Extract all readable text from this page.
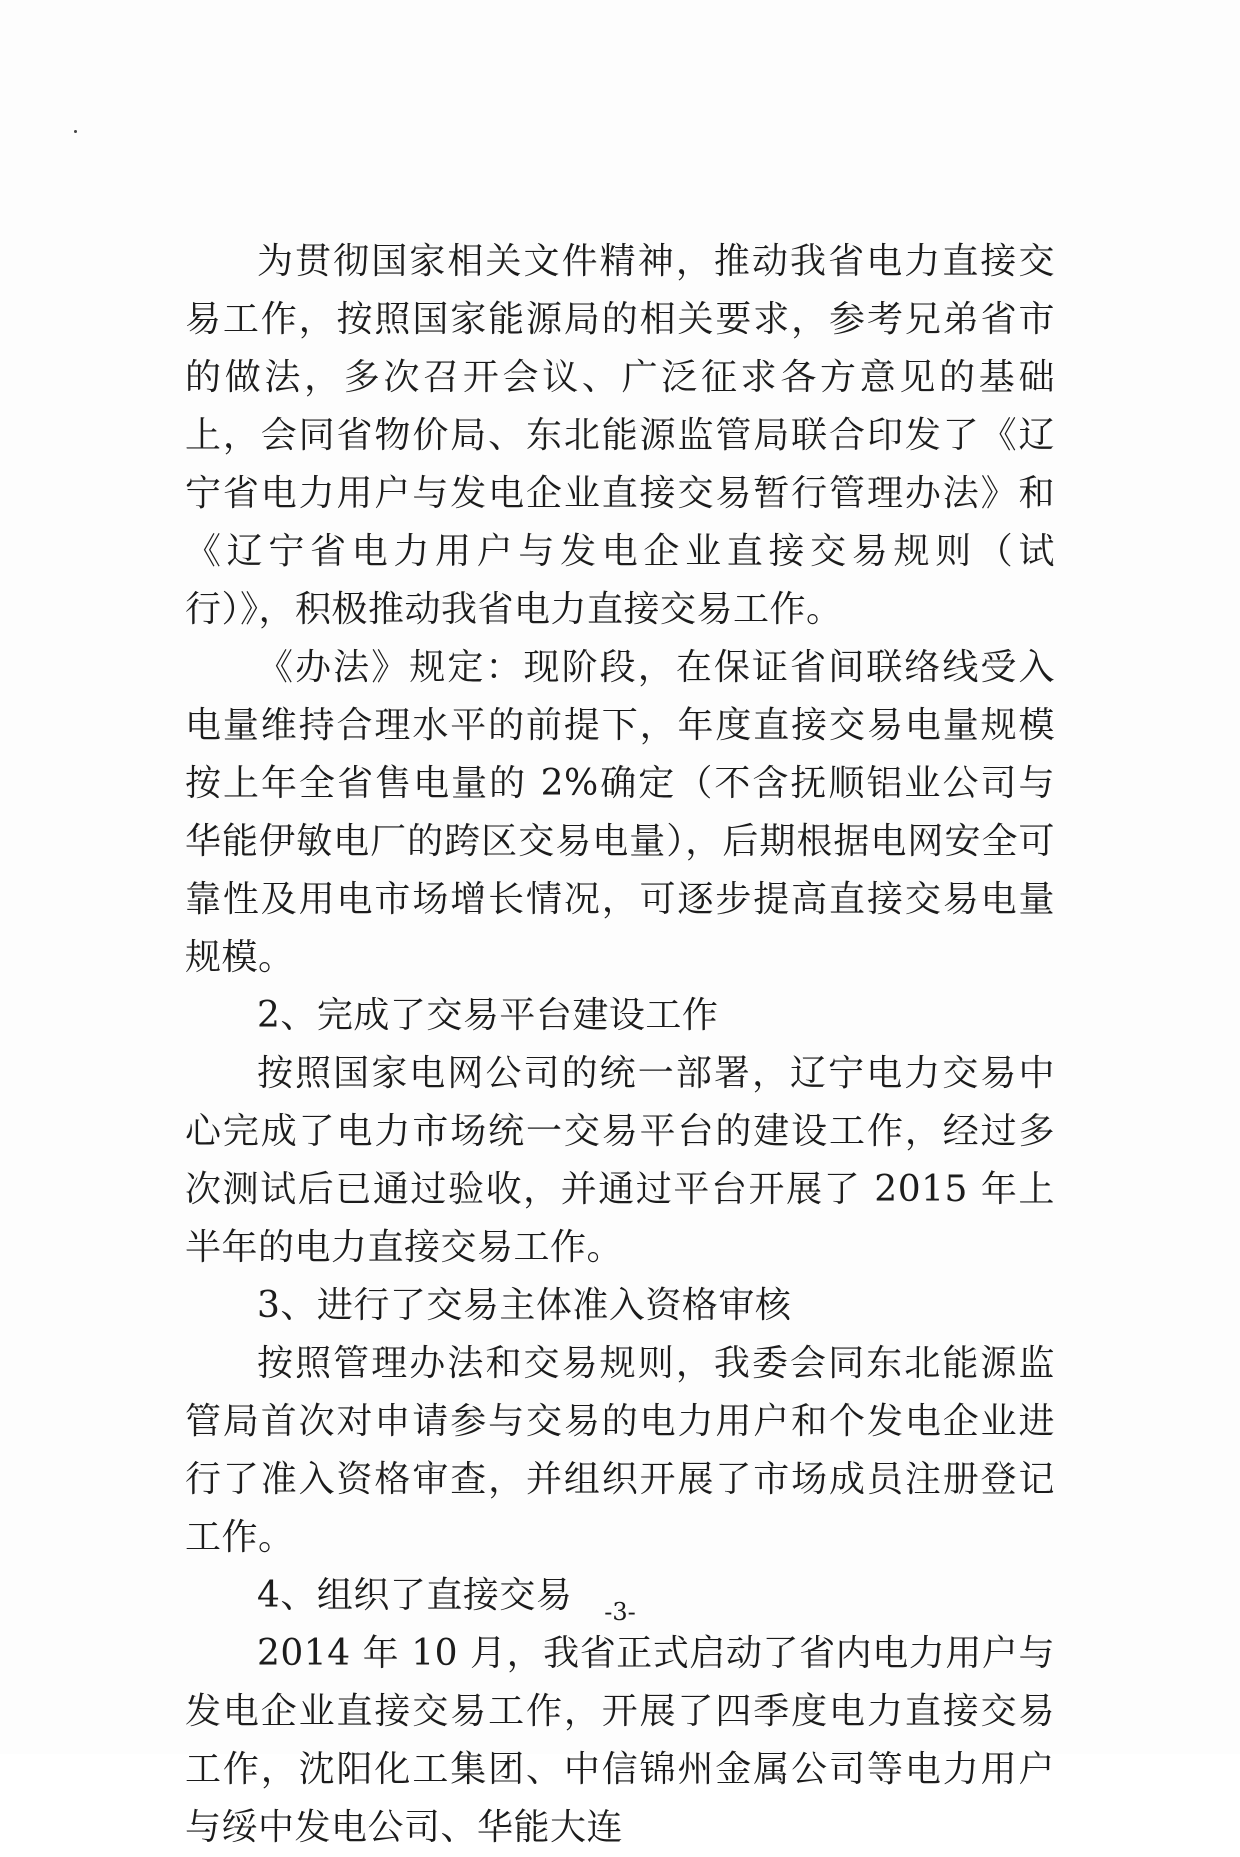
为贯彻国家相关文件精神，推动我省电力直接交易工作，按照国家能源局的相关要求，参考兄弟省市的做法，多次召开会议、广泛征求各方意见的基础上，会同省物价局、东北能源监管局联合印发了《辽宁省电力用户与发电企业直接交易暂行管理办法》和《辽宁省电力用户与发电企业直接交易规则（试行）》，积极推动我省电力直接交易工作。

《办法》规定：现阶段，在保证省间联络线受入电量维持合理水平的前提下，年度直接交易电量规模按上年全省售电量的 2%确定（不含抚顺铝业公司与华能伊敏电厂的跨区交易电量），后期根据电网安全可靠性及用电市场增长情况，可逐步提高直接交易电量规模。

2、完成了交易平台建设工作

按照国家电网公司的统一部署，辽宁电力交易中心完成了电力市场统一交易平台的建设工作，经过多次测试后已通过验收，并通过平台开展了 2015 年上半年的电力直接交易工作。

3、进行了交易主体准入资格审核

按照管理办法和交易规则，我委会同东北能源监管局首次对申请参与交易的电力用户和个发电企业进行了准入资格审查，并组织开展了市场成员注册登记工作。

4、组织了直接交易

2014 年 10 月，我省正式启动了省内电力用户与发电企业直接交易工作，开展了四季度电力直接交易工作，沈阳化工集团、中信锦州金属公司等电力用户与绥中发电公司、华能大连

-3-
